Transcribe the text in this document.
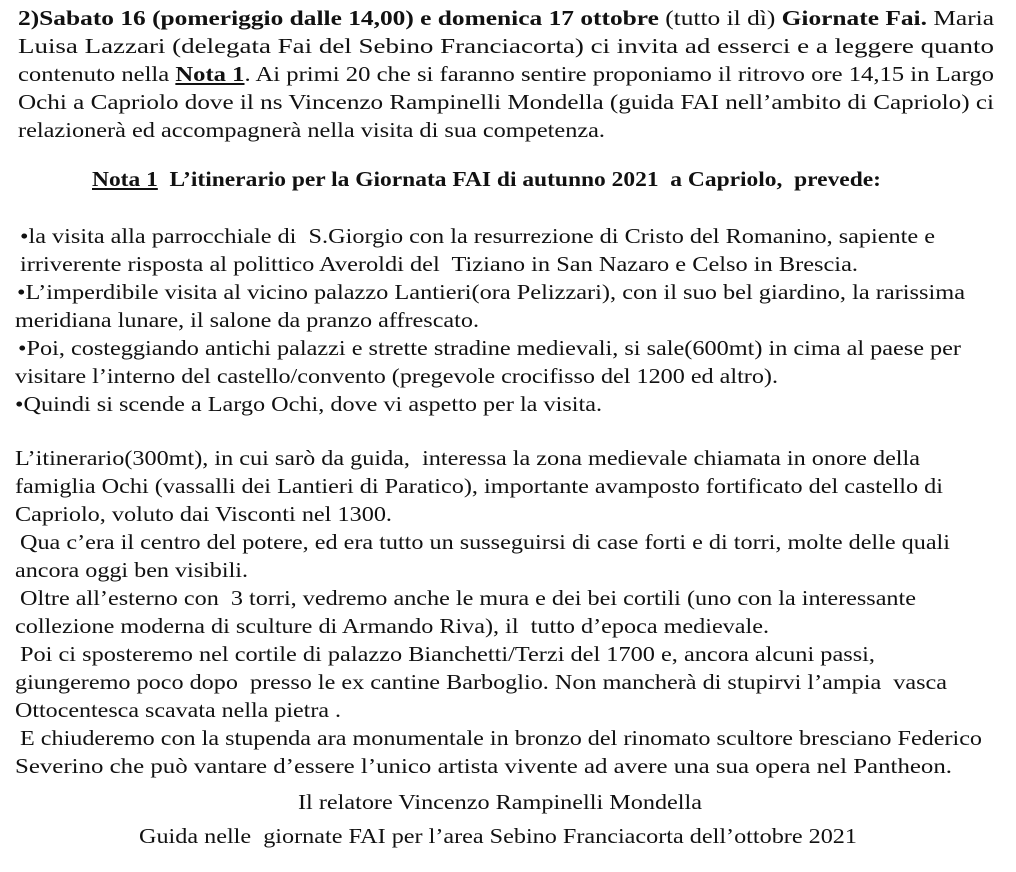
2)Sabato 16 (pomeriggio dalle 14,00) e domenica 17 ottobre (tutto il dì) Giornate Fai. Maria
Luisa Lazzari (delegata Fai del Sebino Franciacorta) ci invita ad esserci e a leggere quanto
contenuto nella Nota 1. Ai primi 20 che si faranno sentire proponiamo il ritrovo ore 14,15 in Largo
Ochi a Capriolo dove il ns Vincenzo Rampinelli Mondella (guida FAI nell’ambito di Capriolo) ci
relazionerà ed accompagnerà nella visita di sua competenza.
Nota 1  L’itinerario per la Giornata FAI di autunno 2021  a Capriolo,  prevede:
•la visita alla parrocchiale di  S.Giorgio con la resurrezione di Cristo del Romanino, sapiente e
irriverente risposta al polittico Averoldi del  Tiziano in San Nazaro e Celso in Brescia.
•L’imperdibile visita al vicino palazzo Lantieri(ora Pelizzari), con il suo bel giardino, la rarissima
meridiana lunare, il salone da pranzo affrescato.
•Poi, costeggiando antichi palazzi e strette stradine medievali, si sale(600mt) in cima al paese per
visitare l’interno del castello/convento (pregevole crocifisso del 1200 ed altro).
•Quindi si scende a Largo Ochi, dove vi aspetto per la visita.
L’itinerario(300mt), in cui sarò da guida,  interessa la zona medievale chiamata in onore della
famiglia Ochi (vassalli dei Lantieri di Paratico), importante avamposto fortificato del castello di
Capriolo, voluto dai Visconti nel 1300.
Qua c’era il centro del potere, ed era tutto un susseguirsi di case forti e di torri, molte delle quali
ancora oggi ben visibili.
Oltre all’esterno con  3 torri, vedremo anche le mura e dei bei cortili (uno con la interessante
collezione moderna di sculture di Armando Riva), il  tutto d’epoca medievale.
Poi ci sposteremo nel cortile di palazzo Bianchetti/Terzi del 1700 e, ancora alcuni passi,
giungeremo poco dopo  presso le ex cantine Barboglio. Non mancherà di stupirvi l’ampia  vasca
Ottocentesca scavata nella pietra .
E chiuderemo con la stupenda ara monumentale in bronzo del rinomato scultore bresciano Federico
Severino che può vantare d’essere l’unico artista vivente ad avere una sua opera nel Pantheon.
Il relatore Vincenzo Rampinelli Mondella
Guida nelle  giornate FAI per l’area Sebino Franciacorta dell’ottobre 2021
